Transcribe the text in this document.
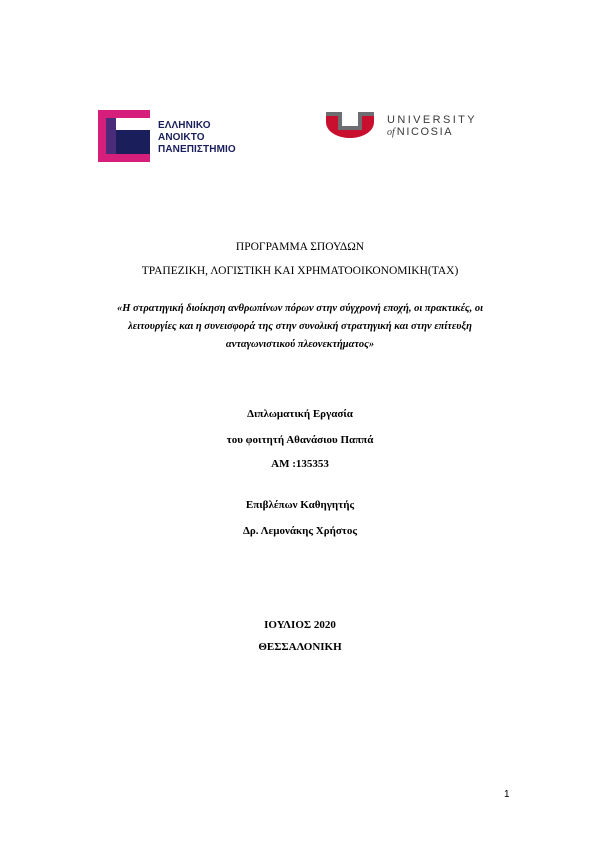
ΕΛΛΗΝΙΚΟ
ΑΝΟΙΚΤΟ
ΠΑΝΕΠΙΣΤΗΜΙΟ
UNIVERSITY
of NICOSIA
ΠΡΟΓΡΑΜΜΑ ΣΠΟΥΔΩΝ
ΤΡΑΠΕΖΙΚΗ, ΛΟΓΙΣΤΙΚΗ ΚΑΙ ΧΡΗΜΑΤΟΟΙΚΟΝΟΜΙΚΗ(ΤΑΧ)
«Η στρατηγική διοίκηση ανθρωπίνων πόρων στην σύγχρονή εποχή, οι πρακτικές, οι λειτουργίες και η συνεισφορά της στην συνολική στρατηγική και στην επίτευξη ανταγωνιστικού πλεονεκτήματος»
Διπλωματική Εργασία
του φοιτητή Αθανάσιου Παππά
AM :135353
Επιβλέπων Καθηγητής
Δρ. Λεμονάκης Χρήστος
ΙΟΥΛΙΟΣ 2020
ΘΕΣΣΑΛΟΝΙΚΗ
1
